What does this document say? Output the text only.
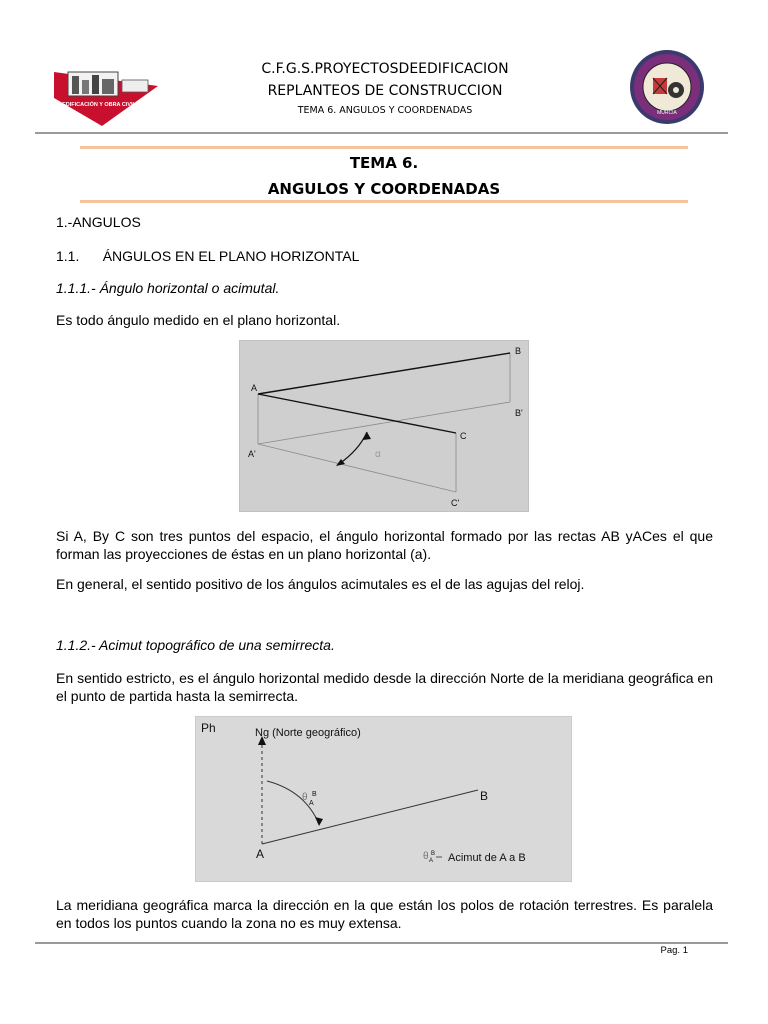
EDIFICACIÓN Y OBRA CIVIL
C.F.G.S.PROYECTOSDEEDIFICACION
REPLANTEOS DE CONSTRUCCION
TEMA 6. ANGULOS Y COORDENADAS	MURCIA
TEMA 6.
ANGULOS Y COORDENADAS
1.-ANGULOS
1.1.      ÁNGULOS EN EL PLANO HORIZONTAL
1.1.1.- Ángulo horizontal o acimutal.
Es todo ángulo medido en el plano horizontal.
A
B
B'
C
A'
C'
α
Si A, By C son tres puntos del espacio, el ángulo horizontal formado por las rectas AB yACes el que forman las proyecciones de éstas en un plano horizontal (a).
En general, el sentido positivo de los ángulos acimutales es el de las agujas del reloj.
1.1.2.- Acimut topográfico de una semirrecta.
En sentido estricto, es el ángulo horizontal medido desde la dirección Norte de la meridiana geográfica en el punto de partida hasta la semirrecta.
Ph	Ng (Norte geográfico)
θ B
A
B
A	θ B
A Acimut de A a B
La meridiana geográfica marca la dirección en la que están los polos de rotación terrestres. Es paralela en todos los puntos cuando la zona no es muy extensa.
Pag. 1
